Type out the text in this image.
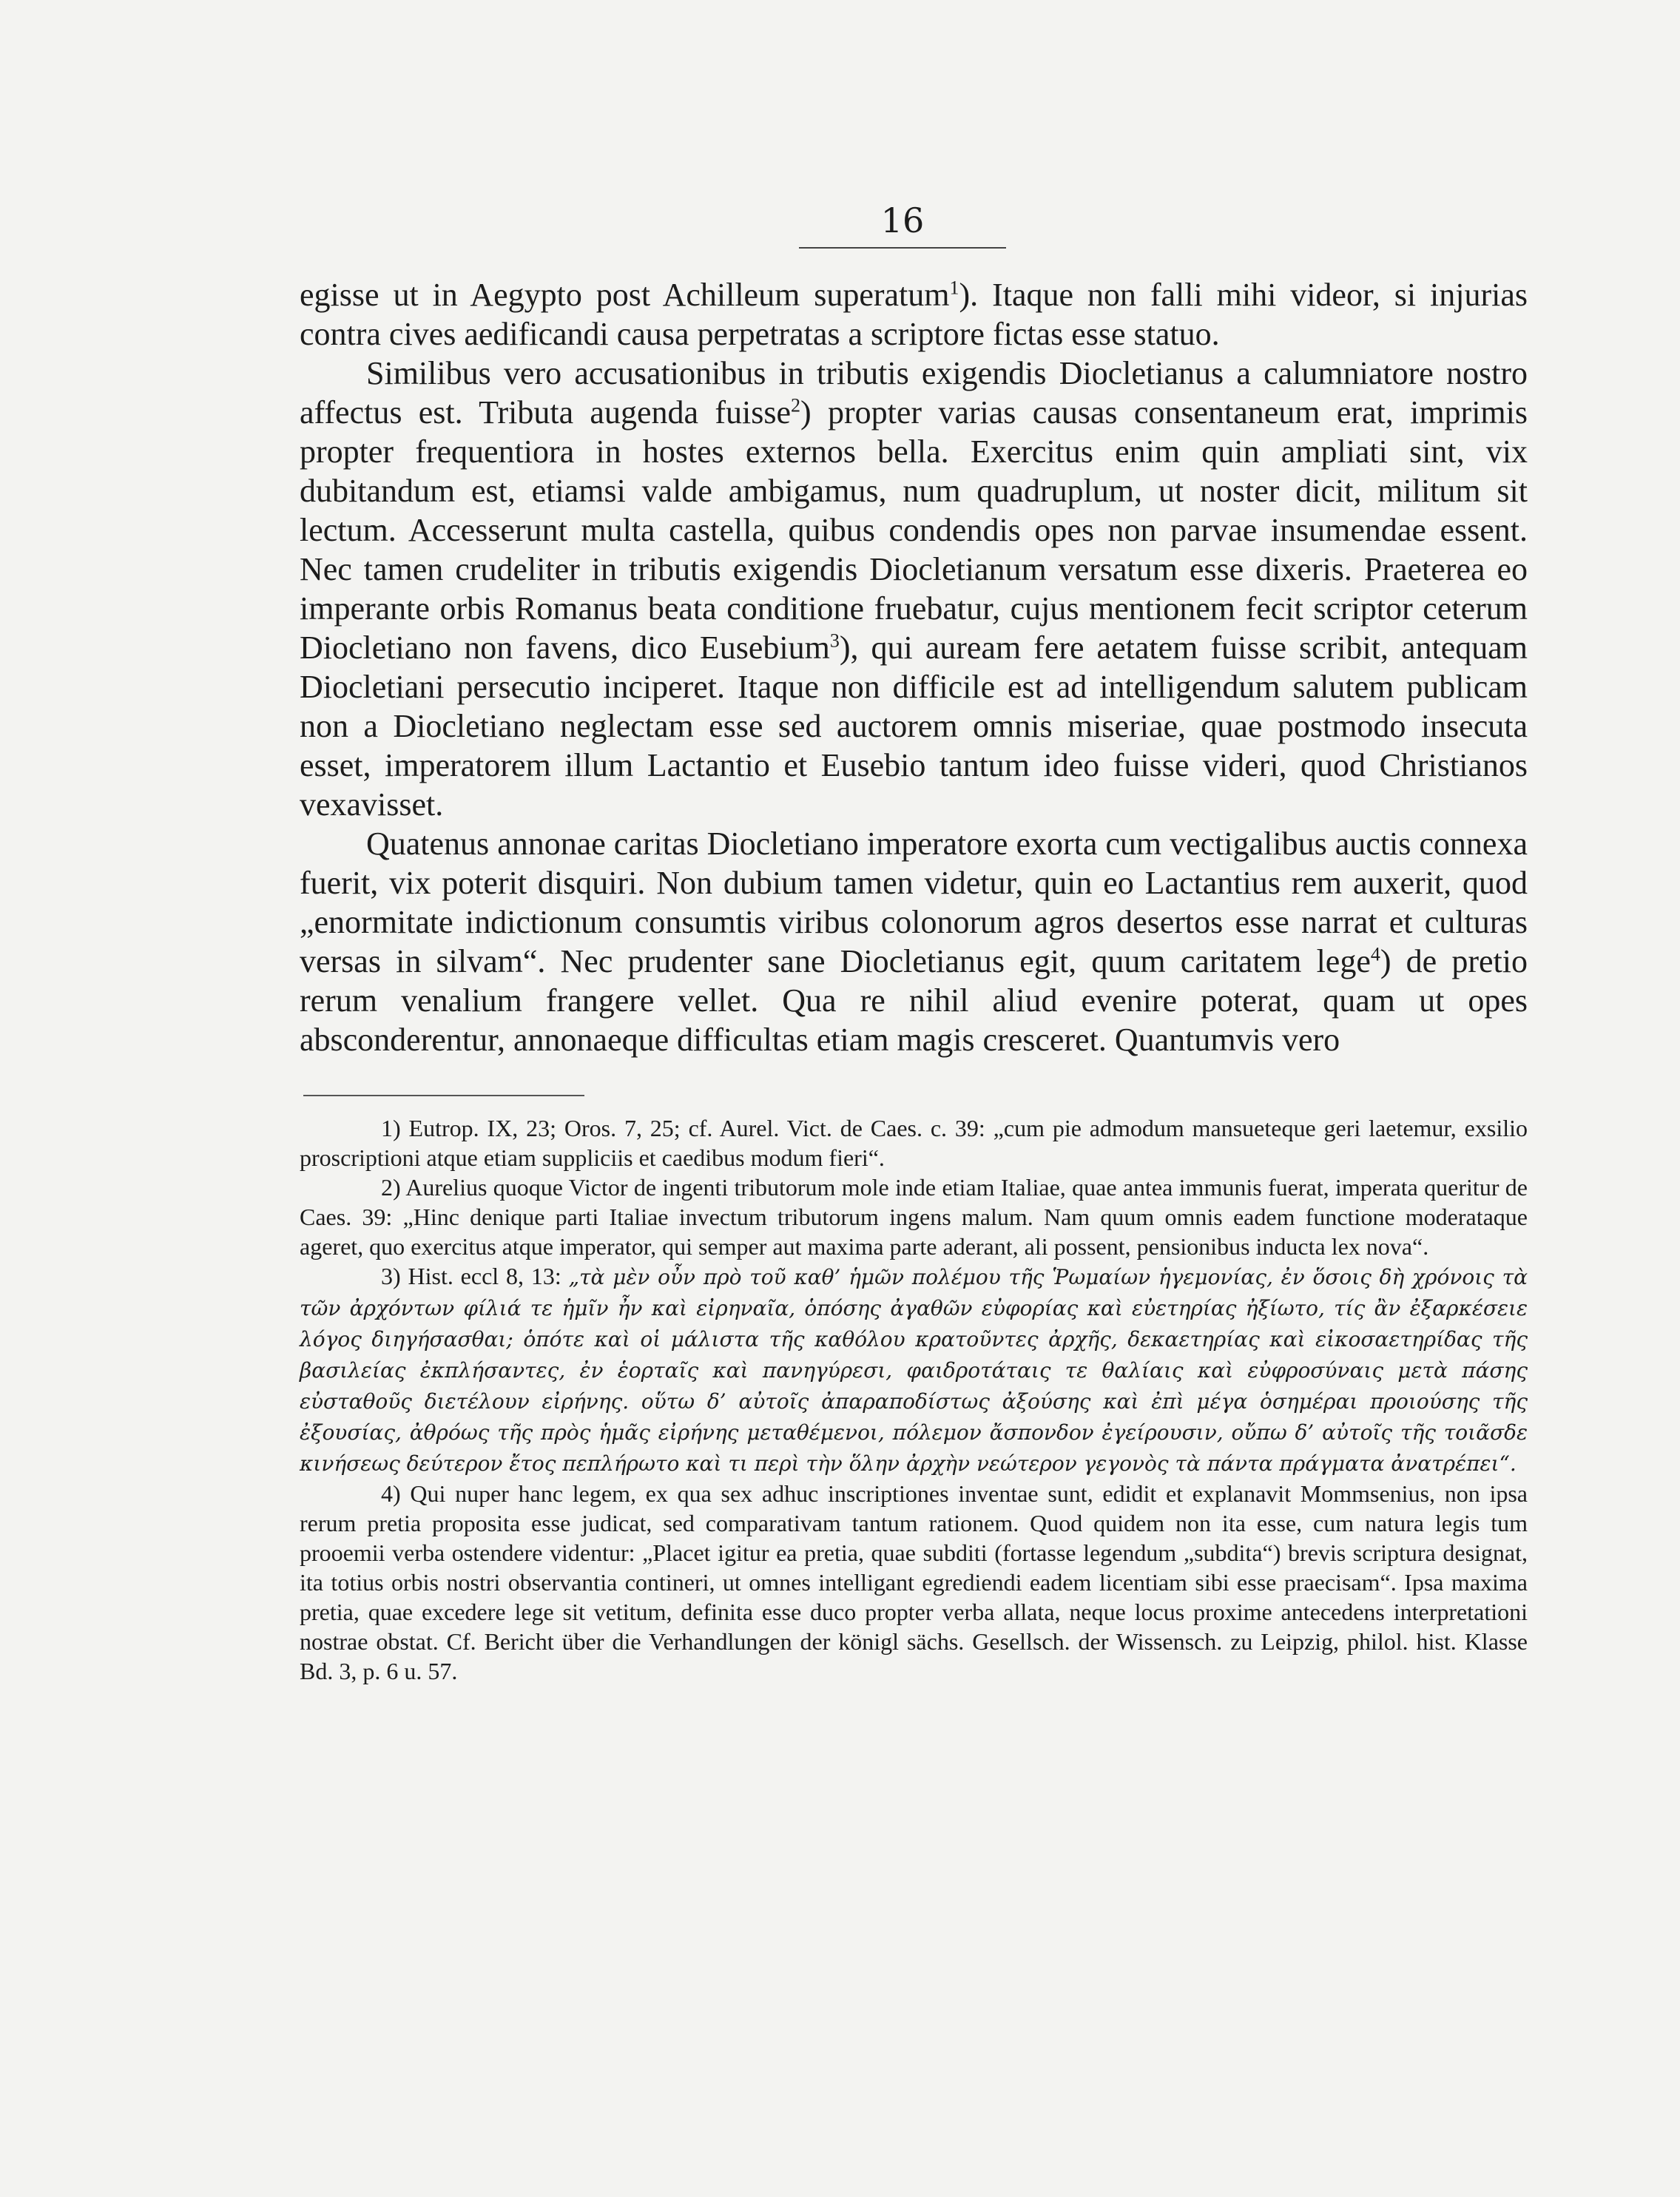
16

egisse ut in Aegypto post Achilleum superatum$^1$). Itaque non falli mihi videor, si injurias contra cives aedificandi causa perpetratas a scriptore fictas esse statuo.

Similibus vero accusationibus in tributis exigendis Diocletianus a calumniatore nostro affectus est. Tributa augenda fuisse$^2$) propter varias causas consentaneum erat, imprimis propter frequentiora in hostes externos bella. Exercitus enim quin ampliati sint, vix dubitandum est, etiamsi valde ambigamus, num quadruplum, ut noster dicit, militum sit lectum. Accesserunt multa castella, quibus condendis opes non parvae insumendae essent. Nec tamen crudeliter in tributis exigendis Diocletianum versatum esse dixeris. Praeterea eo imperante orbis Romanus beata conditione fruebatur, cujus mentionem fecit scriptor ceterum Diocletiano non favens, dico Eusebium$^3$), qui auream fere aetatem fuisse scribit, antequam Diocletiani persecutio inciperet. Itaque non difficile est ad intelligendum salutem publicam non a Diocletiano neglectam esse sed auctorem omnis miseriae, quae postmodo insecuta esset, imperatorem illum Lactantio et Eusebio tantum ideo fuisse videri, quod Christianos vexavisset.

Quatenus annonae caritas Diocletiano imperatore exorta cum vectigalibus auctis connexa fuerit, vix poterit disquiri. Non dubium tamen videtur, quin eo Lactantius rem auxerit, quod „enormitate indictionum consumtis viribus colonorum agros desertos esse narrat et culturas versas in silvam“. Nec prudenter sane Diocletianus egit, quum caritatem lege$^4$) de pretio rerum venalium frangere vellet. Qua re nihil aliud evenire poterat, quam ut opes absconderentur, annonaeque difficultas etiam magis cresceret. Quantumvis vero

1) Eutrop. IX, 23; Oros. 7, 25; cf. Aurel. Vict. de Caes. c. 39: „cum pie admodum mansueteque geri laetemur, exsilio proscriptioni atque etiam suppliciis et caedibus modum fieri“.

2) Aurelius quoque Victor de ingenti tributorum mole inde etiam Italiae, quae antea immunis fuerat, imperata queritur de Caes. 39: „Hinc denique parti Italiae invectum tributorum ingens malum. Nam quum omnis eadem functione moderataque ageret, quo exercitus atque imperator, qui semper aut maxima parte aderant, ali possent, pensionibus inducta lex nova“.

3) Hist. eccl 8, 13: „τὰ μὲν οὖν πρὸ τοῦ καθ’ ἡμῶν πολέμου τῆς Ῥωμαίων ἡγεμονίας, ἐν ὅσοις δὴ χρόνοις τὰ τῶν ἀρχόντων φίλιά τε ἡμῖν ἦν καὶ εἰρηναῖα, ὁπόσης ἀγαθῶν εὐφορίας καὶ εὐετηρίας ἠξίωτο, τίς ἂν ἐξαρκέσειε λόγος διηγήσασθαι; ὁπότε καὶ οἱ μάλιστα τῆς καθόλου κρατοῦντες ἀρχῆς, δεκαετηρίας καὶ εἰκοσαετηρίδας τῆς βασιλείας ἐκπλήσαντες, ἐν ἑορταῖς καὶ πανηγύρεσι, φαιδροτάταις τε θαλίαις καὶ εὐφροσύναις μετὰ πάσης εὐσταθοῦς διετέλουν εἰρήνης. οὕτω δ’ αὐτοῖς ἀπαραποδίστως ἀξούσης καὶ ἐπὶ μέγα ὁσημέραι προιούσης τῆς ἐξουσίας, ἀθρόως τῆς πρὸς ἡμᾶς εἰρήνης μεταθέμενοι, πόλεμον ἄσπονδον ἐγείρουσιν, οὔπω δ’ αὐτοῖς τῆς τοιᾶσδε κινήσεως δεύτερον ἔτος πεπλήρωτο καὶ τι περὶ τὴν ὅλην ἀρχὴν νεώτερον γεγονὸς τὰ πάντα πράγματα ἀνατρέπει“.

4) Qui nuper hanc legem, ex qua sex adhuc inscriptiones inventae sunt, edidit et explanavit Mommsenius, non ipsa rerum pretia proposita esse judicat, sed comparativam tantum rationem. Quod quidem non ita esse, cum natura legis tum prooemii verba ostendere videntur: „Placet igitur ea pretia, quae subditi (fortasse legendum „subdita“) brevis scriptura designat, ita totius orbis nostri observantia contineri, ut omnes intelligant egrediendi eadem licentiam sibi esse praecisam“. Ipsa maxima pretia, quae excedere lege sit vetitum, definita esse duco propter verba allata, neque locus proxime antecedens interpretationi nostrae obstat. Cf. Bericht über die Verhandlungen der königl sächs. Gesellsch. der Wissensch. zu Leipzig, philol. hist. Klasse Bd. 3, p. 6 u. 57.
